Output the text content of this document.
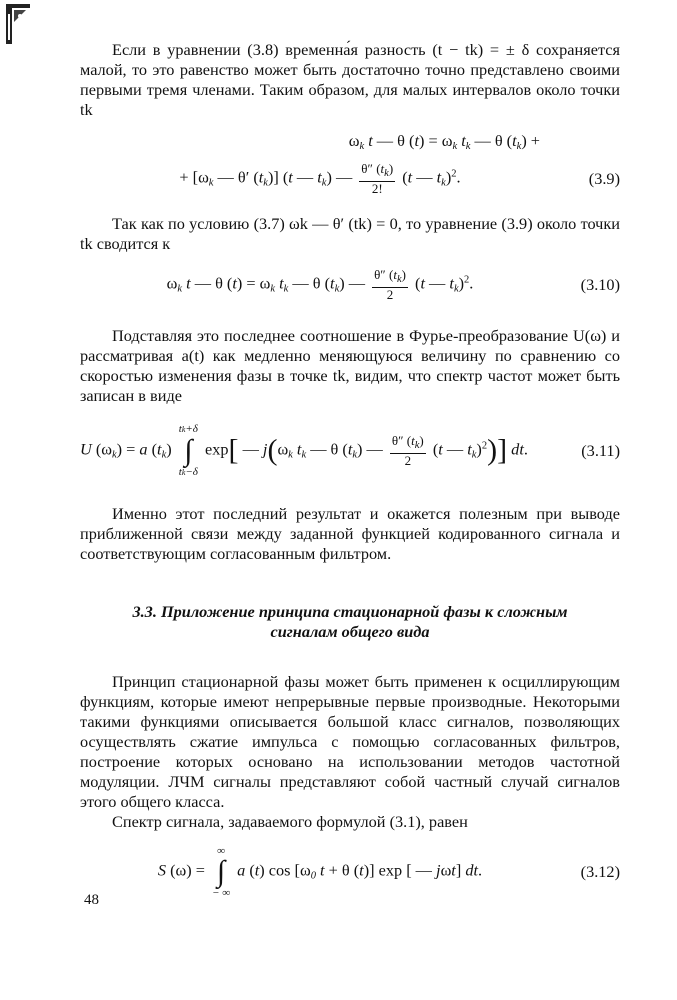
Если в уравнении (3.8) временна́я разность (t − tk) = ± δ сохраняется малой, то это равенство может быть достаточно точно представлено своими первыми тремя членами. Таким образом, для малых интервалов около точки tk

$\omega_k$ t — θ $(t) = \omega_k$ $t_k$ — θ $(t_k)$ +
+ [$\omega_k$ — θ′ $(t_k)$] (t — $t_k$) — $\frac{\theta'' (t_k)}{2!} (t$ — $t_k)^2$.	(3.9)

Так как по условию (3.7) ωk — θ′ (tk) = 0, то уравнение (3.9) около точки tk сводится к

$\omega_k$ t — θ $(t) = \omega_k$ $t_k$ — θ $(t_k)$ — $\frac{\theta'' (t_k)}{2} (t$ — $t_k)^2$.	(3.10)

Подставляя это последнее соотношение в Фурье-преобразование U(ω) и рассматривая a(t) как медленно меняющуюся величину по сравнению со скоростью изменения фазы в точке tk, видим, что спектр частот может быть записан в виде

U $(\omega_k) = a$ $(t_k)$
tk+δ
∫
tk−δ
exp[ — $j(\omega_k$ $t_k$ — θ $(t_k)$ — $\frac{\theta'' (t_k)}{2} (t$ — $t_k)^2$)] dt.	(3.11)

Именно этот последний результат и окажется полезным при выводе приближенной связи между заданной функцией кодированного сигнала и соответствующим согласованным фильтром.

3.3. Приложение принципа стационарной фазы к сложным
сигналам общего вида

Принцип стационарной фазы может быть применен к осциллирующим функциям, которые имеют непрерывные первые производные. Некоторыми такими функциями описывается большой класс сигналов, позволяющих осуществлять сжатие импульса с помощью согласованных фильтров, построение которых основано на использовании методов частотной модуляции. ЛЧМ сигналы представляют собой частный случай сигналов этого общего класса.

Спектр сигнала, задаваемого формулой (3.1), равен

S (ω) =
∞
∫
− ∞
a (t) $\cos [\omega_0$ t + θ (t)] exp [ — jωt] dt.	(3.12)
48
